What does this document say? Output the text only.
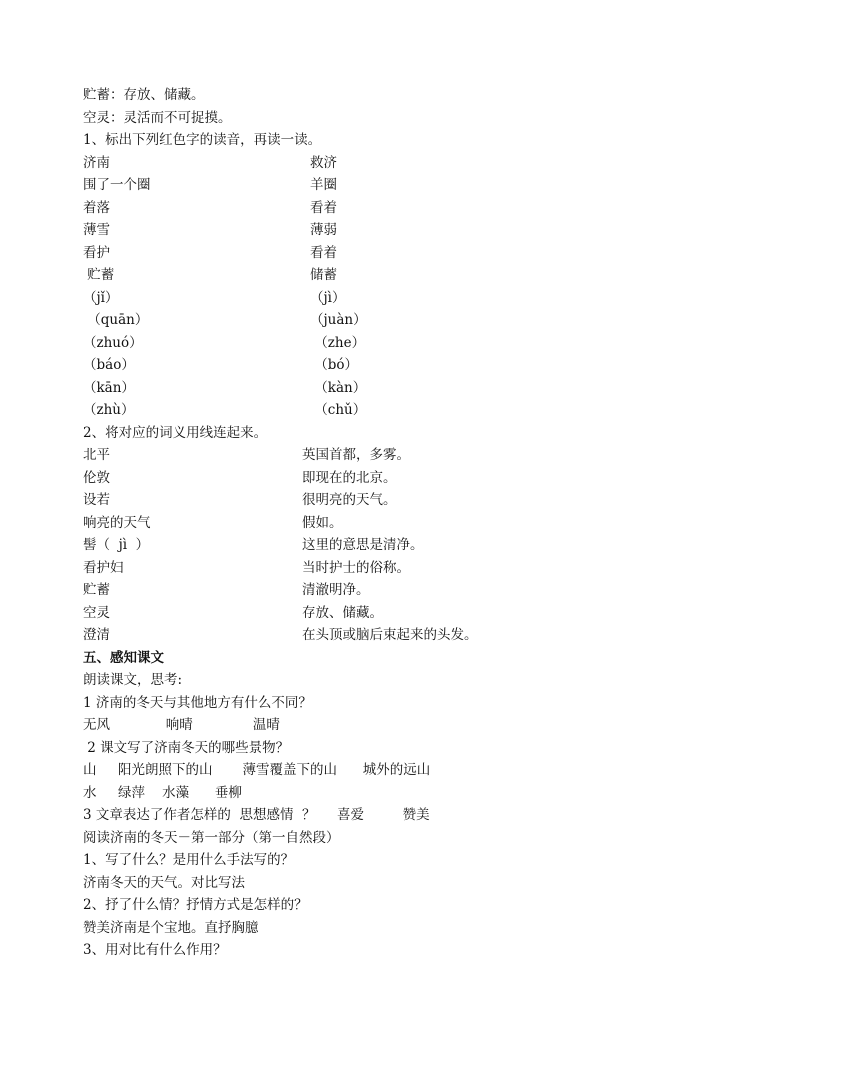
贮蓄：存放、储藏。
空灵：灵活而不可捉摸。
1、标出下列红色字的读音，再读一读。
济南	救济
围了一个圈	羊圈
着落	看着
薄雪	薄弱
看护	看着
贮蓄	储蓄
（jǐ）	（jì）
（quān）	（juàn）
（zhuó）	（zhe）
（báo）	（bó）
（kān）	（kàn）
（zhù）	（chǔ）
2、将对应的词义用线连起来。
北平	英国首都，多雾。
伦敦	即现在的北京。
设若	很明亮的天气。
响亮的天气	假如。
髻（  jì  ）	这里的意思是清净。
看护妇	当时护士的俗称。
贮蓄	清澈明净。
空灵	存放、储藏。
澄清	在头顶或脑后束起来的头发。
五、感知课文
朗读课文，思考:
1 济南的冬天与其他地方有什么不同？
无风             响晴              温晴
2 课文写了济南冬天的哪些景物？
山     阳光朗照下的山       薄雪覆盖下的山      城外的远山
水     绿萍    水藻      垂柳
3 文章表达了作者怎样的  思想感情  ？     喜爱         赞美
阅读济南的冬天－第一部分（第一自然段）
1、写了什么？是用什么手法写的？
济南冬天的天气。对比写法
2、抒了什么情？抒情方式是怎样的？
赞美济南是个宝地。直抒胸臆
3、用对比有什么作用？
